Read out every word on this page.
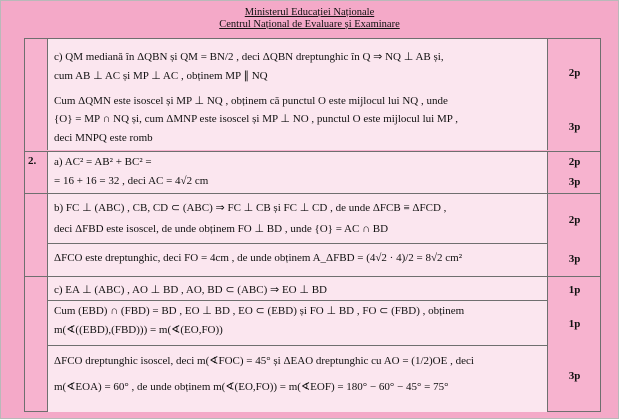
Ministerul Educației Naționale
Centrul Național de Evaluare și Examinare
c) QM mediană în ΔQBN și QM = BN/2 , deci ΔQBN dreptunghic în Q ⇒ NQ ⊥ AB și,
cum AB ⊥ AC și MP ⊥ AC , obținem MP ∥ NQ
Cum ΔQMN este isoscel și MP ⊥ NQ , obținem că punctul O este mijlocul lui NQ , unde
{O} = MP ∩ NQ și, cum ΔMNP este isoscel și MP ⊥ NO , punctul O este mijlocul lui MP ,
deci MNPQ este romb
2p
3p
2. a) AC² = AB² + BC² =
= 16 + 16 = 32 , deci AC = 4√2 cm
2p
3p
b) FC ⊥ (ABC) , CB, CD ⊂ (ABC) ⇒ FC ⊥ CB și FC ⊥ CD , de unde ΔFCB ≡ ΔFCD ,
deci ΔFBD este isoscel, de unde obținem FO ⊥ BD , unde {O} = AC ∩ BD
ΔFCO este dreptunghic, deci FO = 4cm , de unde obținem A_ΔFBD = (4√2 · 4)/2 = 8√2 cm²
2p
3p
c) EA ⊥ (ABC) , AO ⊥ BD , AO, BD ⊂ (ABC) ⇒ EO ⊥ BD
Cum (EBD) ∩ (FBD) = BD , EO ⊥ BD , EO ⊂ (EBD) și FO ⊥ BD , FO ⊂ (FBD) , obținem
m(∢((EBD),(FBD))) = m(∢(EO,FO))
ΔFCO dreptunghic isoscel, deci m(∢FOC) = 45° și ΔEAO dreptunghic cu AO = (1/2)OE , deci
m(∢EOA) = 60° , de unde obținem m(∢(EO,FO)) = m(∢EOF) = 180° − 60° − 45° = 75°
1p
1p
3p
